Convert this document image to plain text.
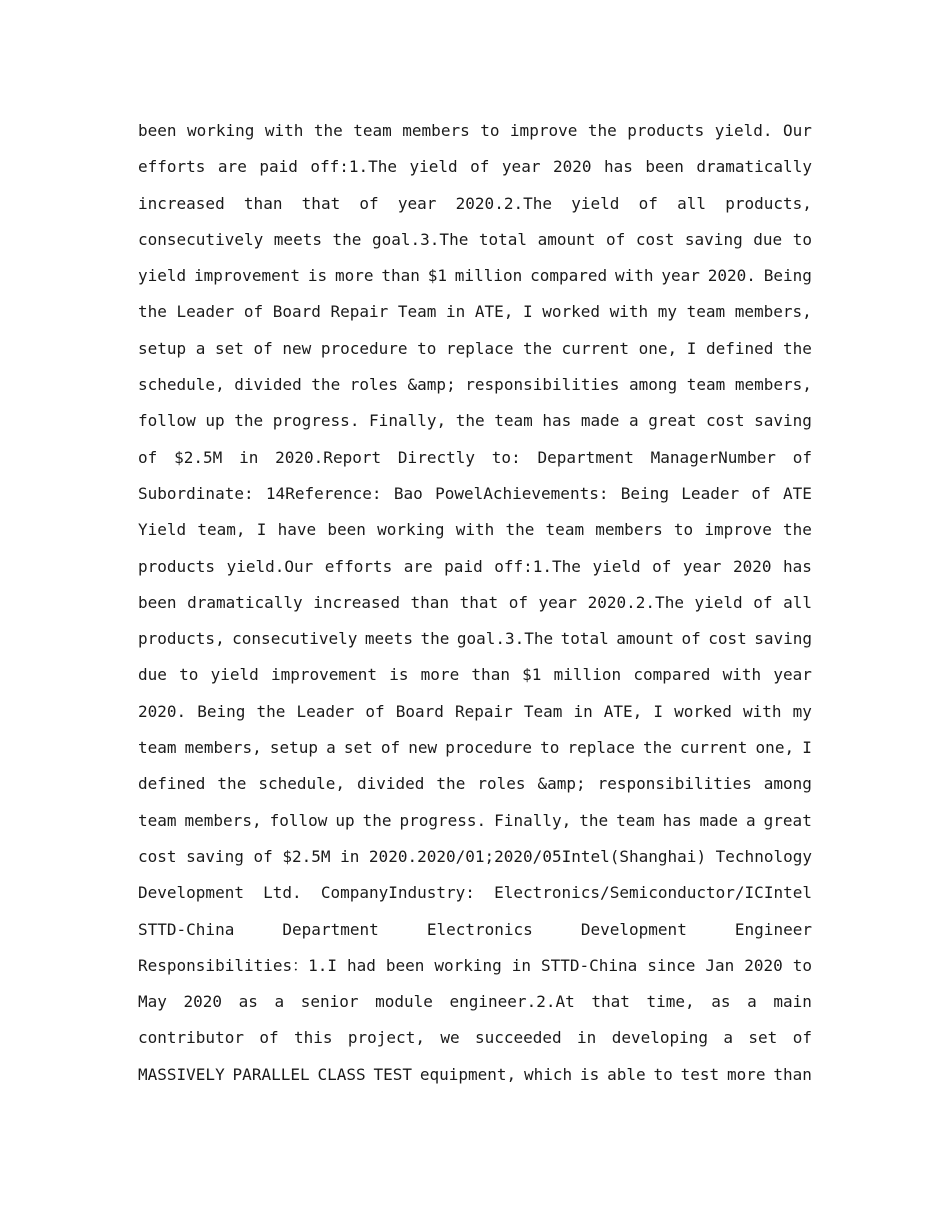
been working with the team members to improve the products yield. Our
efforts are paid off:1.The yield of year 2020 has been dramatically
increased than that of year 2020.2.The yield of all products,
consecutively meets the goal.3.The total amount of cost saving due to
yield improvement is more than $1 million compared with year 2020. Being
the Leader of Board Repair Team in ATE, I worked with my team members,
setup a set of new procedure to replace the current one, I defined the
schedule, divided the roles &amp; responsibilities among team members,
follow up the progress. Finally, the team has made a great cost saving
of $2.5M in 2020.Report Directly to: Department ManagerNumber of
Subordinate: 14Reference: Bao PowelAchievements: Being Leader of ATE
Yield team, I have been working with the team members to improve the
products yield.Our efforts are paid off:1.The yield of year 2020 has
been dramatically increased than that of year 2020.2.The yield of all
products, consecutively meets the goal.3.The total amount of cost saving
due to yield improvement is more than $1 million compared with year
2020. Being the Leader of Board Repair Team in ATE, I worked with my
team members, setup a set of new procedure to replace the current one, I
defined the schedule, divided the roles &amp; responsibilities among
team members, follow up the progress. Finally, the team has made a great
cost saving of $2.5M in 2020.2020/01;2020/05Intel(Shanghai) Technology
Development Ltd. CompanyIndustry: Electronics/Semiconductor/ICIntel
STTD-China	Department	Electronics	Development	Engineer
Responsibilities：1.I had been working in STTD-China since Jan 2020 to
May 2020 as a senior module engineer.2.At that time, as a main
contributor of this project, we succeeded in developing a set of
MASSIVELY PARALLEL CLASS TEST equipment, which is able to test more than
